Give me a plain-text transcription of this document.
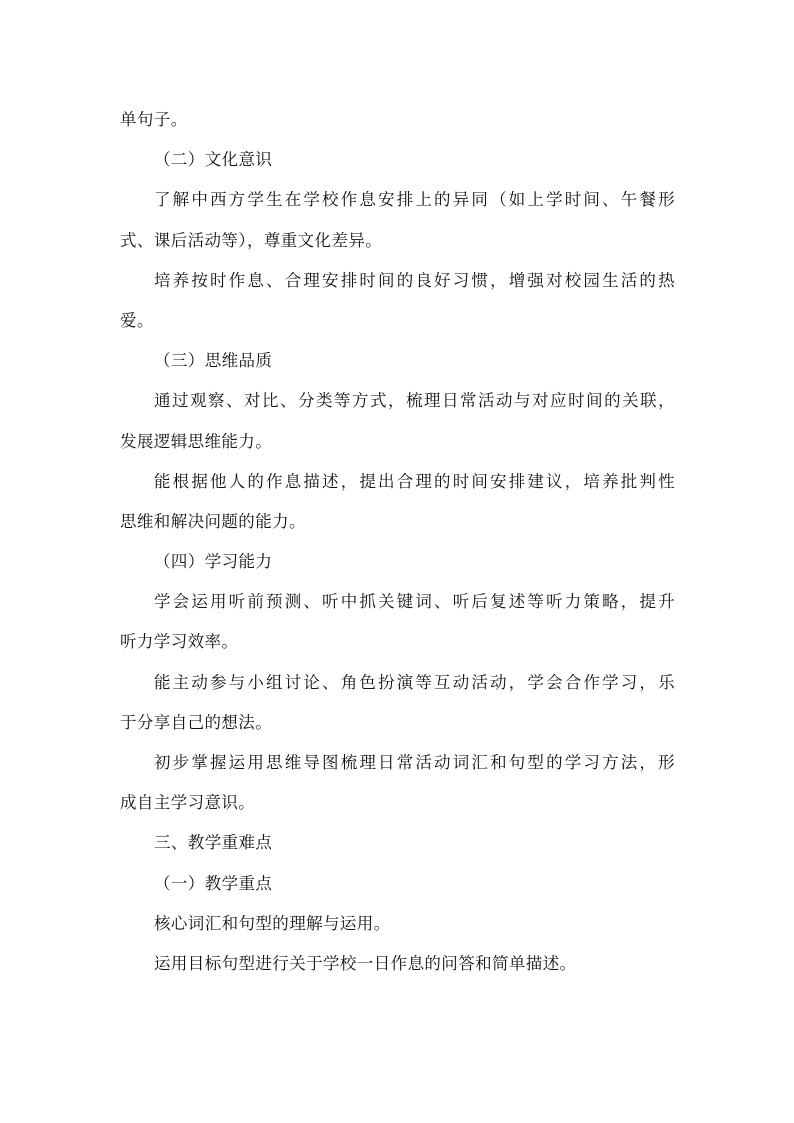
单句子。
（二）文化意识
了解中西方学生在学校作息安排上的异同（如上学时间、午餐形
式、课后活动等），尊重文化差异。
培养按时作息、合理安排时间的良好习惯，增强对校园生活的热
爱。
（三）思维品质
通过观察、对比、分类等方式，梳理日常活动与对应时间的关联，
发展逻辑思维能力。
能根据他人的作息描述，提出合理的时间安排建议，培养批判性
思维和解决问题的能力。
（四）学习能力
学会运用听前预测、听中抓关键词、听后复述等听力策略，提升
听力学习效率。
能主动参与小组讨论、角色扮演等互动活动，学会合作学习，乐
于分享自己的想法。
初步掌握运用思维导图梳理日常活动词汇和句型的学习方法，形
成自主学习意识。
三、教学重难点
（一）教学重点
核心词汇和句型的理解与运用。
运用目标句型进行关于学校一日作息的问答和简单描述。
